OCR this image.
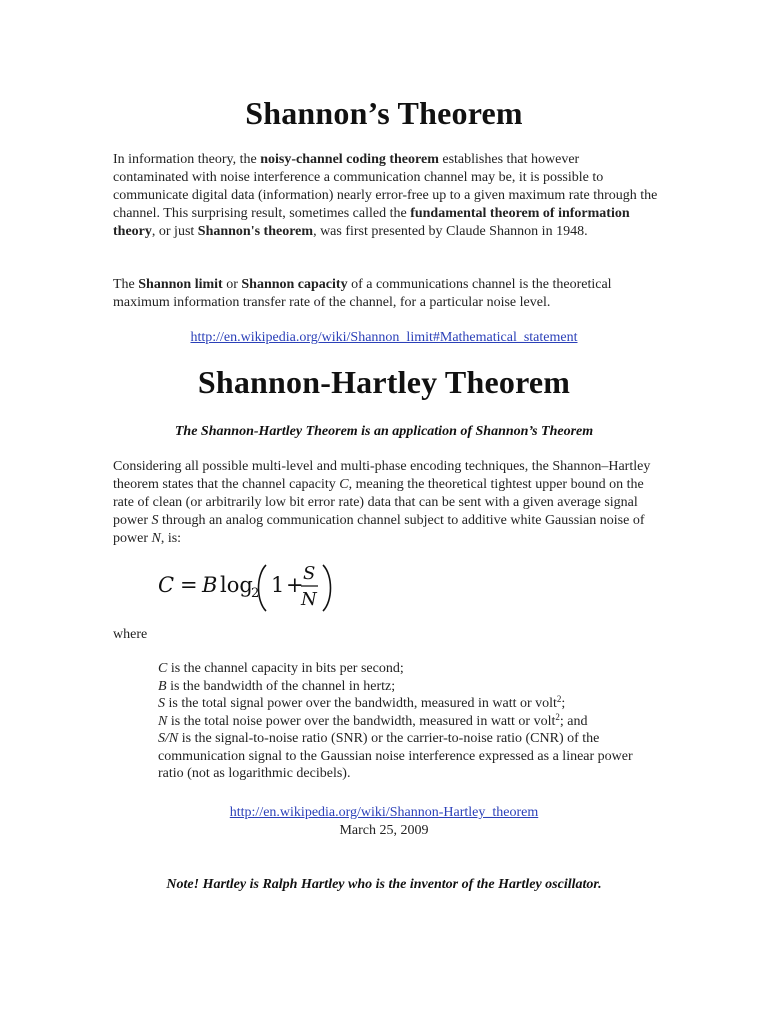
Shannon’s Theorem
In information theory, the noisy-channel coding theorem establishes that however contaminated with noise interference a communication channel may be, it is possible to communicate digital data (information) nearly error-free up to a given maximum rate through the channel. This surprising result, sometimes called the fundamental theorem of information theory, or just Shannon's theorem, was first presented by Claude Shannon in 1948.
The Shannon limit or Shannon capacity of a communications channel is the theoretical maximum information transfer rate of the channel, for a particular noise level.
http://en.wikipedia.org/wiki/Shannon_limit#Mathematical_statement
Shannon-Hartley Theorem
The Shannon-Hartley Theorem is an application of Shannon’s Theorem
Considering all possible multi-level and multi-phase encoding techniques, the Shannon–Hartley theorem states that the channel capacity C, meaning the theoretical tightest upper bound on the rate of clean (or arbitrarily low bit error rate) data that can be sent with a given average signal power S through an analog communication channel subject to additive white Gaussian noise of power N, is:
C = B log
2 1 + S
N
where
C is the channel capacity in bits per second;
B is the bandwidth of the channel in hertz;
S is the total signal power over the bandwidth, measured in watt or volt$^2$;
N is the total noise power over the bandwidth, measured in watt or volt$^2$; and
S/N is the signal-to-noise ratio (SNR) or the carrier-to-noise ratio (CNR) of the communication signal to the Gaussian noise interference expressed as a linear power ratio (not as logarithmic decibels).
http://en.wikipedia.org/wiki/Shannon-Hartley_theorem
March 25, 2009
Note! Hartley is Ralph Hartley who is the inventor of the Hartley oscillator.
